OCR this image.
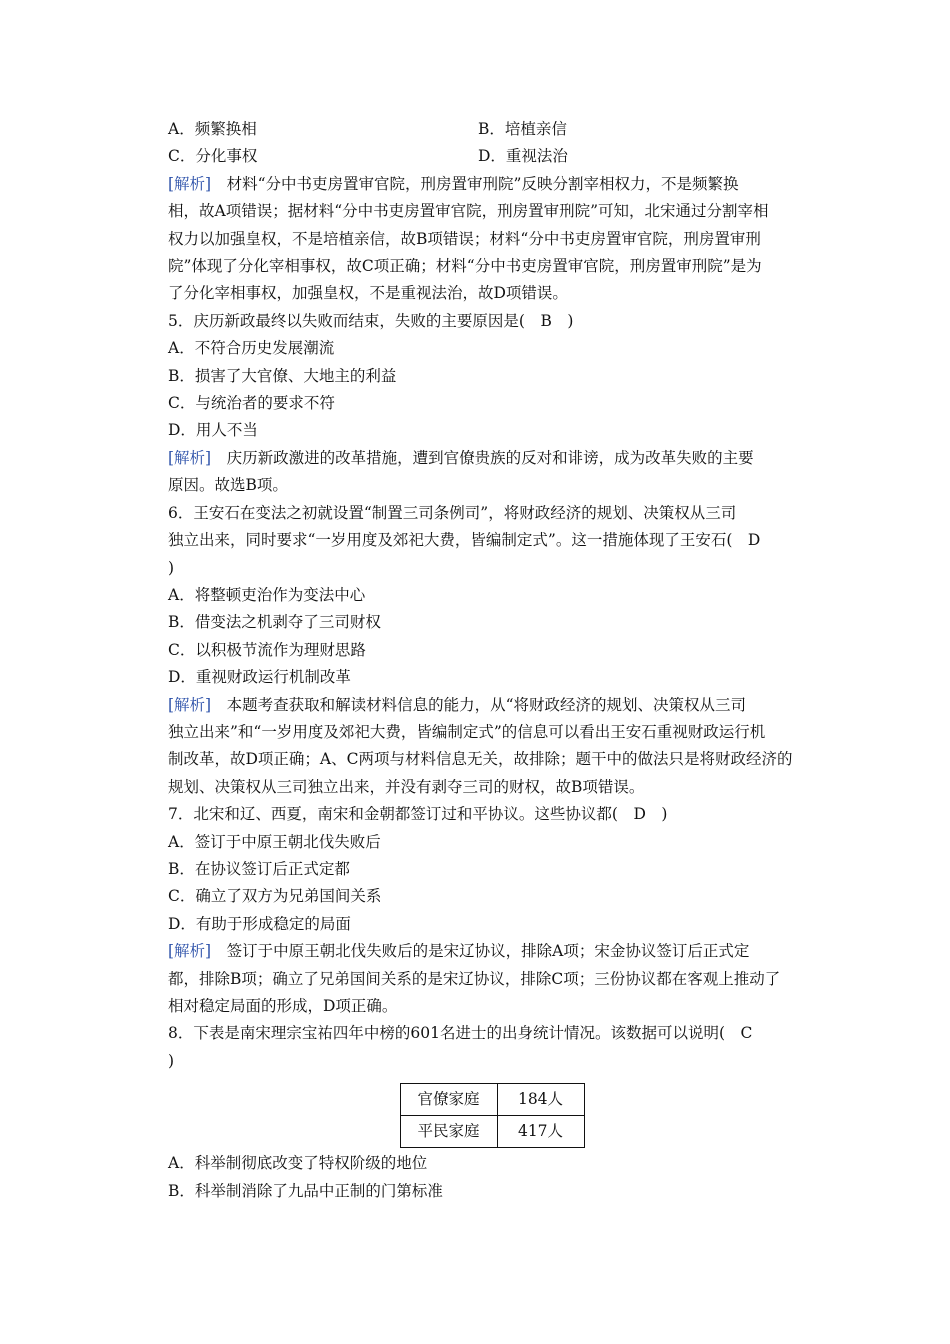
A．频繁换相	B．培植亲信
C．分化事权	D．重视法治
[解析]　 材料“分中书吏房置审官院，刑房置审刑院”反映分割宰相权力，不是频繁换
相，故A项错误；据材料“分中书吏房置审官院，刑房置审刑院”可知，北宋通过分割宰相
权力以加强皇权，不是培植亲信，故B项错误；材料“分中书吏房置审官院，刑房置审刑
院”体现了分化宰相事权，故C项正确；材料“分中书吏房置审官院，刑房置审刑院”是为
了分化宰相事权，加强皇权，不是重视法治，故D项错误。
5．庆历新政最终以失败而结束，失败的主要原因是(　 B　 )
A．不符合历史发展潮流
B．损害了大官僚、大地主的利益
C．与统治者的要求不符
D．用人不当
[解析]　 庆历新政激进的改革措施，遭到官僚贵族的反对和诽谤，成为改革失败的主要
原因。故选B项。
6．王安石在变法之初就设置“制置三司条例司”，将财政经济的规划、决策权从三司
独立出来，同时要求“一岁用度及郊祀大费，皆编制定式”。这一措施体现了王安石(　D
)
A．将整顿吏治作为变法中心
B．借变法之机剥夺了三司财权
C．以积极节流作为理财思路
D．重视财政运行机制改革
[解析]　 本题考查获取和解读材料信息的能力，从“将财政经济的规划、决策权从三司
独立出来”和“一岁用度及郊祀大费，皆编制定式”的信息可以看出王安石重视财政运行机
制改革，故D项正确；A、C两项与材料信息无关，故排除；题干中的做法只是将财政经济的
规划、决策权从三司独立出来，并没有剥夺三司的财权，故B项错误。
7．北宋和辽、西夏，南宋和金朝都签订过和平协议。这些协议都(　 D　 )
A．签订于中原王朝北伐失败后
B．在协议签订后正式定都
C．确立了双方为兄弟国间关系
D．有助于形成稳定的局面
[解析]　 签订于中原王朝北伐失败后的是宋辽协议，排除A项；宋金协议签订后正式定
都，排除B项；确立了兄弟国间关系的是宋辽协议，排除C项；三份协议都在客观上推动了
相对稳定局面的形成，D项正确。
8．下表是南宋理宗宝祐四年中榜的601名进士的出身统计情况。该数据可以说明(　C
)
官僚家庭	184人
平民家庭	417人
A．科举制彻底改变了特权阶级的地位
B．科举制消除了九品中正制的门第标准
